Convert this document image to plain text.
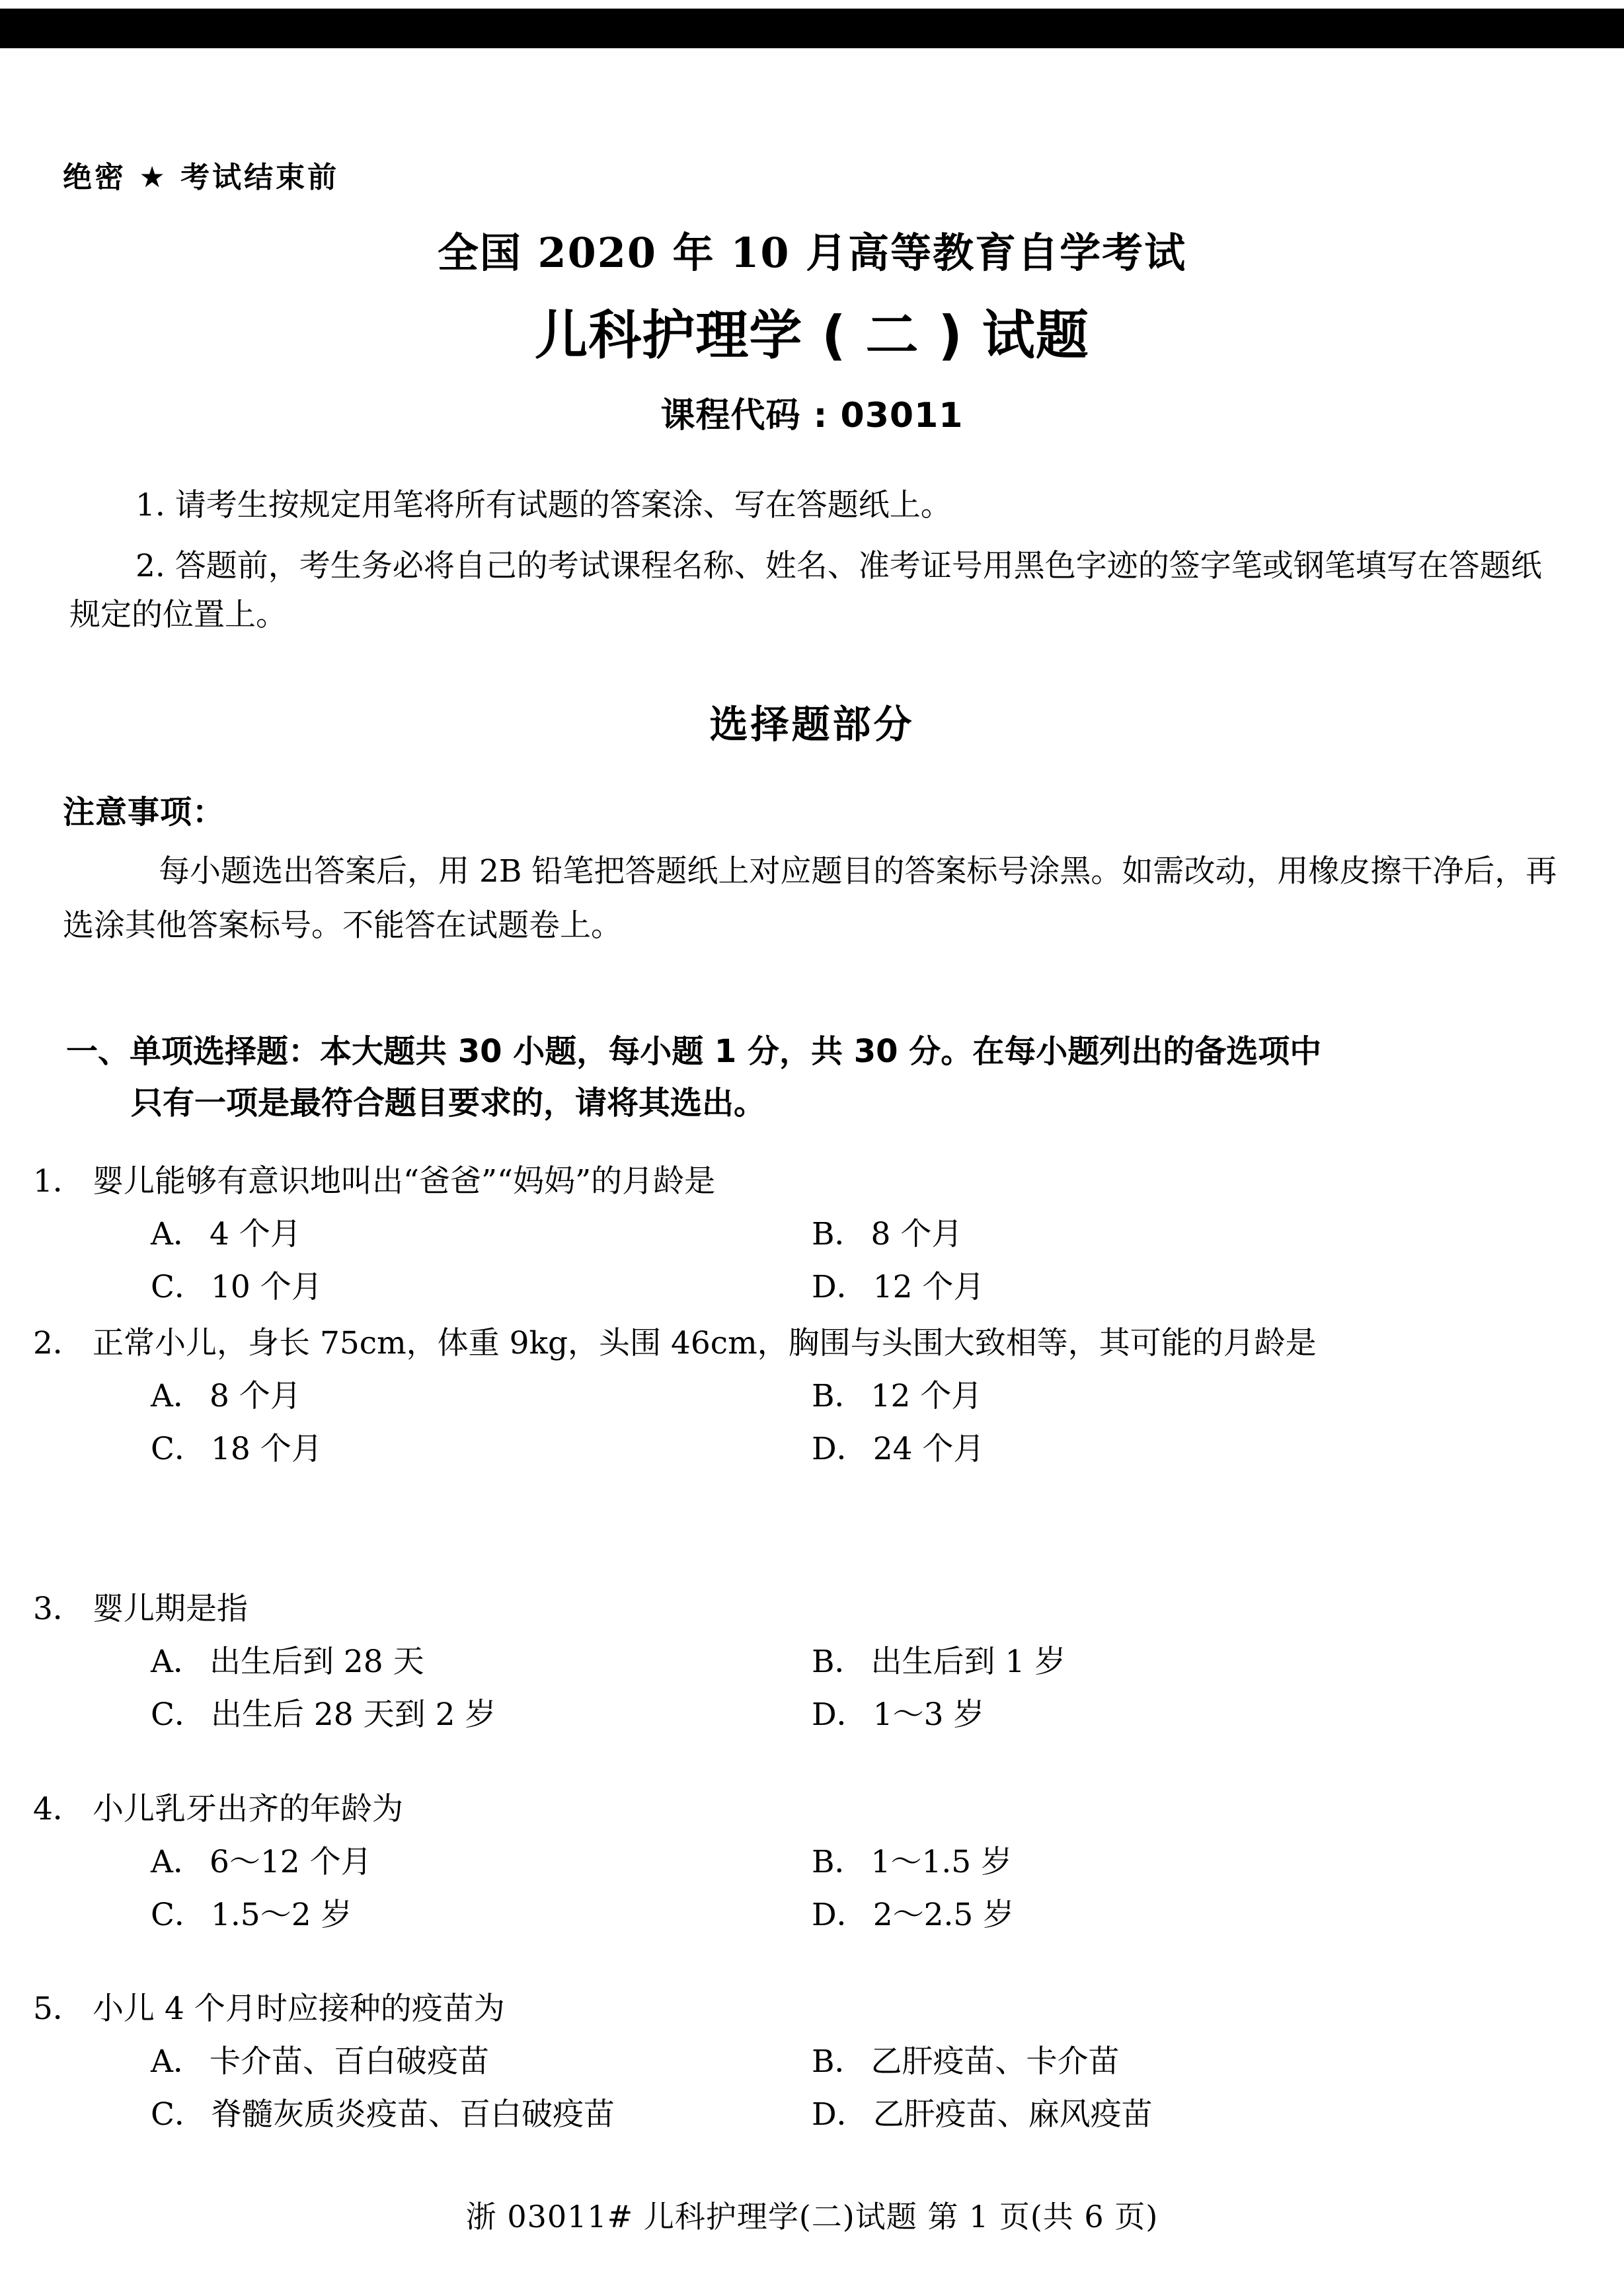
绝密 ★ 考试结束前
全国 2020 年 10 月高等教育自学考试
儿科护理学 ( 二 ) 试题
课程代码 : 03011
1. 请考生按规定用笔将所有试题的答案涂、写在答题纸上。
2. 答题前，考生务必将自己的考试课程名称、姓名、准考证号用黑色字迹的签字笔或钢笔填写在答题纸规定的位置上。
选择题部分
注意事项：
每小题选出答案后，用 2B 铅笔把答题纸上对应题目的答案标号涂黑。如需改动，用橡皮擦干净后，再选涂其他答案标号。不能答在试题卷上。
一、单项选择题：本大题共 30 小题，每小题 1 分，共 30 分。在每小题列出的备选项中
只有一项是最符合题目要求的，请将其选出。
1． 婴儿能够有意识地叫出“爸爸”“妈妈”的月龄是
A． 4 个月	B． 8 个月
C． 10 个月	D． 12 个月
2． 正常小儿，身长 75cm，体重 9kg，头围 46cm，胸围与头围大致相等，其可能的月龄是
A． 8 个月	B． 12 个月
C． 18 个月	D． 24 个月
3． 婴儿期是指
A． 出生后到 28 天	B． 出生后到 1 岁
C． 出生后 28 天到 2 岁	D． 1～3 岁
4． 小儿乳牙出齐的年龄为
A． 6～12 个月	B． 1～1.5 岁
C． 1.5～2 岁	D． 2～2.5 岁
5． 小儿 4 个月时应接种的疫苗为
A． 卡介苗、百白破疫苗	B． 乙肝疫苗、卡介苗
C． 脊髓灰质炎疫苗、百白破疫苗	D． 乙肝疫苗、麻风疫苗
浙 03011# 儿科护理学(二)试题 第 1 页(共 6 页)
